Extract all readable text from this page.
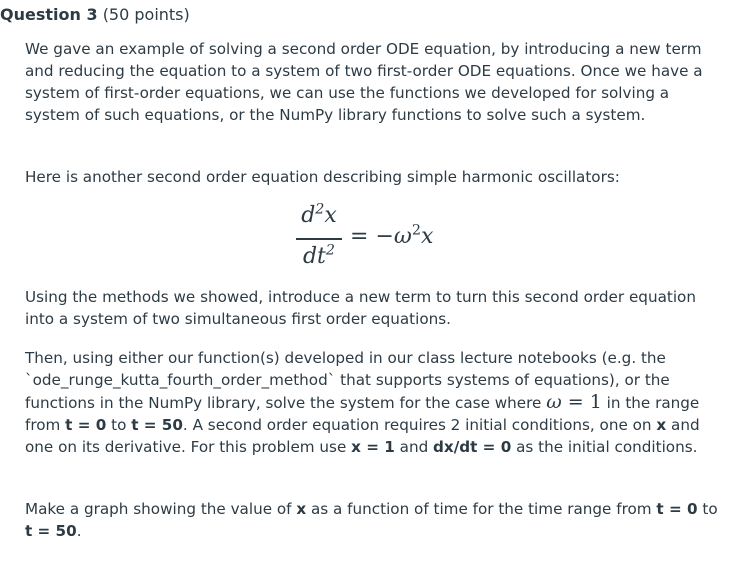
Question 3 (50 points)

We gave an example of solving a second order ODE equation, by introducing a new term and reducing the equation to a system of two first-order ODE equations. Once we have a system of first-order equations, we can use the functions we developed for solving a system of such equations, or the NumPy library functions to solve such a system.

Here is another second order equation describing simple harmonic oscillators:

$d^2x$
$dt^2$
= $-\omega^2x$

Using the methods we showed, introduce a new term to turn this second order equation into a system of two simultaneous first order equations.

Then, using either our function(s) developed in our class lecture notebooks (e.g. the `ode_runge_kutta_fourth_order_method` that supports systems of equations), or the functions in the NumPy library, solve the system for the case where ω = 1 in the range from t = 0 to t = 50. A second order equation requires 2 initial conditions, one on x and one on its derivative. For this problem use x = 1 and dx/dt = 0 as the initial conditions.

Make a graph showing the value of x as a function of time for the time range from t = 0 to t = 50.
